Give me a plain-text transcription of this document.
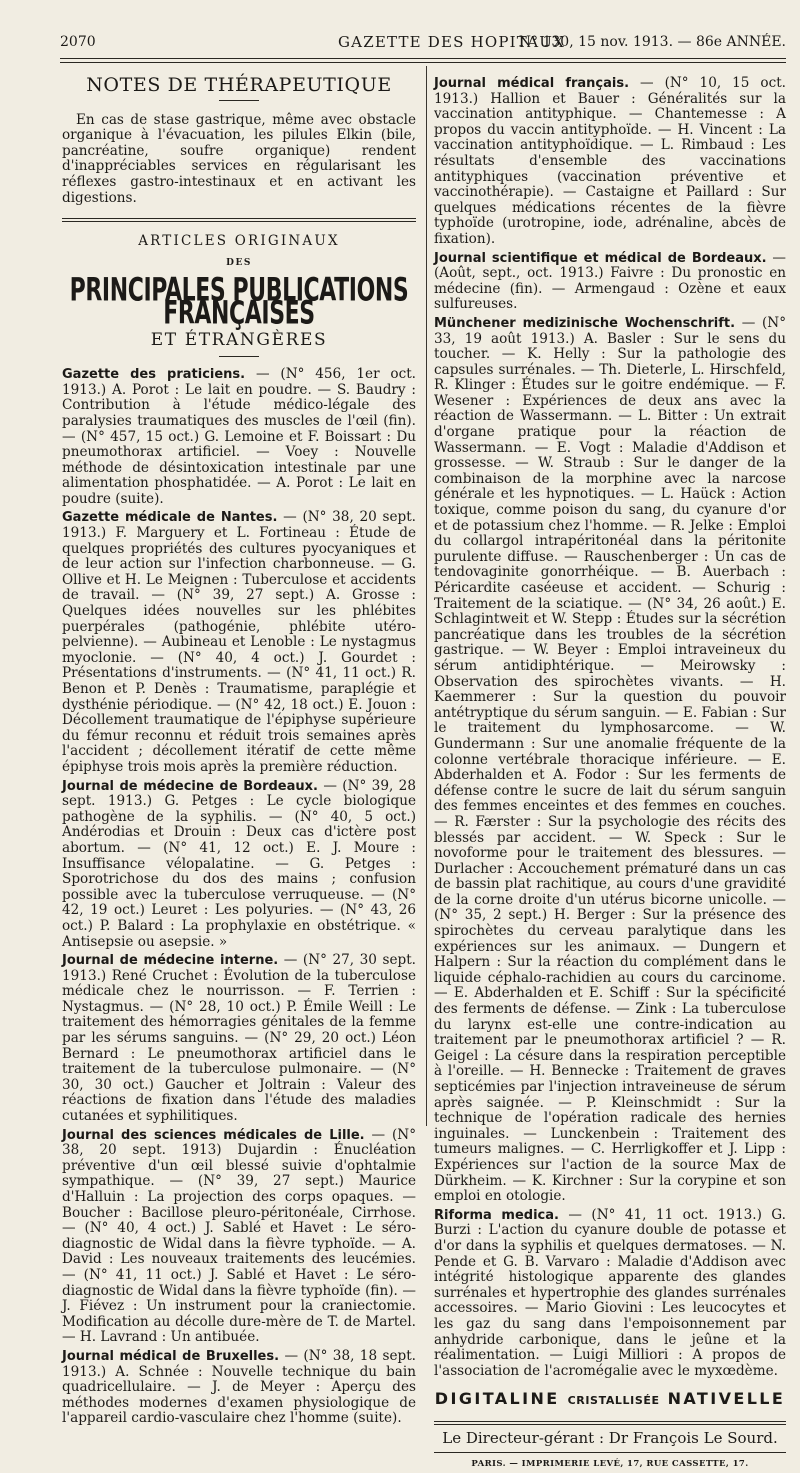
2070	GAZETTE DES HOPITAUX
N° 130, 15 nov. 1913. — 86e ANNÉE.
NOTES DE THÉRAPEUTIQUE

En cas de stase gastrique, même avec obstacle organique à l'évacuation, les pilules Elkin (bile, pancréatine, soufre organique) rendent d'inappréciables services en régularisant les réflexes gastro-intestinaux et en activant les digestions.

ARTICLES ORIGINAUX
DES
PRINCIPALES PUBLICATIONS FRANÇAISES
ET ÉTRANGÈRES

Gazette des praticiens. — (N° 456, 1er oct. 1913.) A. Porot : Le lait en poudre. — S. Baudry : Contribution à l'étude médico-légale des paralysies traumatiques des muscles de l'œil (fin). — (N° 457, 15 oct.) G. Lemoine et F. Boissart : Du pneumothorax artificiel. — Voey : Nouvelle méthode de désintoxication intestinale par une alimentation phosphatidée. — A. Porot : Le lait en poudre (suite).

Gazette médicale de Nantes. — (N° 38, 20 sept. 1913.) F. Marguery et L. Fortineau : Étude de quelques propriétés des cultures pyocyaniques et de leur action sur l'infection charbonneuse. — G. Ollive et H. Le Meignen : Tuberculose et accidents de travail. — (N° 39, 27 sept.) A. Grosse : Quelques idées nouvelles sur les phlébites puerpérales (pathogénie, phlébite utéro-pelvienne). — Aubineau et Lenoble : Le nystagmus myoclonie. — (N° 40, 4 oct.) J. Gourdet : Présentations d'instruments. — (N° 41, 11 oct.) R. Benon et P. Denès : Traumatisme, paraplégie et dysthénie périodique. — (N° 42, 18 oct.) E. Jouon : Décollement traumatique de l'épiphyse supérieure du fémur reconnu et réduit trois semaines après l'accident ; décollement itératif de cette même épiphyse trois mois après la première réduction.

Journal de médecine de Bordeaux. — (N° 39, 28 sept. 1913.) G. Petges : Le cycle biologique pathogène de la syphilis. — (N° 40, 5 oct.) Andérodias et Drouin : Deux cas d'ictère post abortum. — (N° 41, 12 oct.) E. J. Moure : Insuffisance vélopalatine. — G. Petges : Sporotrichose du dos des mains ; confusion possible avec la tuberculose verruqueuse. — (N° 42, 19 oct.) Leuret : Les polyuries. — (N° 43, 26 oct.) P. Balard : La prophylaxie en obstétrique. « Antisepsie ou asepsie. »

Journal de médecine interne. — (N° 27, 30 sept. 1913.) René Cruchet : Évolution de la tuberculose médicale chez le nourrisson. — F. Terrien : Nystagmus. — (N° 28, 10 oct.) P. Émile Weill : Le traitement des hémorragies génitales de la femme par les sérums sanguins. — (N° 29, 20 oct.) Léon Bernard : Le pneumothorax artificiel dans le traitement de la tuberculose pulmonaire. — (N° 30, 30 oct.) Gaucher et Joltrain : Valeur des réactions de fixation dans l'étude des maladies cutanées et syphilitiques.

Journal des sciences médicales de Lille. — (N° 38, 20 sept. 1913) Dujardin : Énucléation préventive d'un œil blessé suivie d'ophtalmie sympathique. — (N° 39, 27 sept.) Maurice d'Halluin : La projection des corps opaques. — Boucher : Bacillose pleuro-péritonéale, Cirrhose. — (N° 40, 4 oct.) J. Sablé et Havet : Le séro-diagnostic de Widal dans la fièvre typhoïde. — A. David : Les nouveaux traitements des leucémies. — (N° 41, 11 oct.) J. Sablé et Havet : Le séro-diagnostic de Widal dans la fièvre typhoïde (fin). — J. Fiévez : Un instrument pour la craniectomie. Modification au décolle dure-mère de T. de Martel. — H. Lavrand : Un antibuée.

Journal médical de Bruxelles. — (N° 38, 18 sept. 1913.) A. Schnée : Nouvelle technique du bain quadricellulaire. — J. de Meyer : Aperçu des méthodes modernes d'examen physiologique de l'appareil cardio-vasculaire chez l'homme (suite).

Journal médical français. — (N° 10, 15 oct. 1913.) Hallion et Bauer : Généralités sur la vaccination antityphique. — Chantemesse : A propos du vaccin antityphoïde. — H. Vincent : La vaccination antityphoïdique. — L. Rimbaud : Les résultats d'ensemble des vaccinations antityphiques (vaccination préventive et vaccinothérapie). — Castaigne et Paillard : Sur quelques médications récentes de la fièvre typhoïde (urotropine, iode, adrénaline, abcès de fixation).

Journal scientifique et médical de Bordeaux. — (Août, sept., oct. 1913.) Faivre : Du pronostic en médecine (fin). — Armengaud : Ozène et eaux sulfureuses.

Münchener medizinische Wochenschrift. — (N° 33, 19 août 1913.) A. Basler : Sur le sens du toucher. — K. Helly : Sur la pathologie des capsules surrénales. — Th. Dieterle, L. Hirschfeld, R. Klinger : Études sur le goitre endémique. — F. Wesener : Expériences de deux ans avec la réaction de Wassermann. — L. Bitter : Un extrait d'organe pratique pour la réaction de Wassermann. — E. Vogt : Maladie d'Addison et grossesse. — W. Straub : Sur le danger de la combinaison de la morphine avec la narcose générale et les hypnotiques. — L. Haück : Action toxique, comme poison du sang, du cyanure d'or et de potassium chez l'homme. — R. Jelke : Emploi du collargol intrapéritonéal dans la péritonite purulente diffuse. — Rauschenberger : Un cas de tendovaginite gonorrhéique. — B. Auerbach : Péricardite caséeuse et accident. — Schurig : Traitement de la sciatique. — (N° 34, 26 août.) E. Schlagintweit et W. Stepp : Études sur la sécrétion pancréatique dans les troubles de la sécrétion gastrique. — W. Beyer : Emploi intraveineux du sérum antidiphtérique. — Meirowsky : Observation des spirochètes vivants. — H. Kaemmerer : Sur la question du pouvoir antétryptique du sérum sanguin. — E. Fabian : Sur le traitement du lymphosarcome. — W. Gundermann : Sur une anomalie fréquente de la colonne vertébrale thoracique inférieure. — E. Abderhalden et A. Fodor : Sur les ferments de défense contre le sucre de lait du sérum sanguin des femmes enceintes et des femmes en couches. — R. Færster : Sur la psychologie des récits des blessés par accident. — W. Speck : Sur le novoforme pour le traitement des blessures. — Durlacher : Accouchement prématuré dans un cas de bassin plat rachitique, au cours d'une gravidité de la corne droite d'un utérus bicorne unicolle. — (N° 35, 2 sept.) H. Berger : Sur la présence des spirochètes du cerveau paralytique dans les expériences sur les animaux. — Dungern et Halpern : Sur la réaction du complément dans le liquide céphalo-rachidien au cours du carcinome. — E. Abderhalden et E. Schiff : Sur la spécificité des ferments de défense. — Zink : La tuberculose du larynx est-elle une contre-indication au traitement par le pneumothorax artificiel ? — R. Geigel : La césure dans la respiration perceptible à l'oreille. — H. Bennecke : Traitement de graves septicémies par l'injection intraveineuse de sérum après saignée. — P. Kleinschmidt : Sur la technique de l'opération radicale des hernies inguinales. — Lunckenbein : Traitement des tumeurs malignes. — C. Herrligkoffer et J. Lipp : Expériences sur l'action de la source Max de Dürkheim. — K. Kirchner : Sur la corypine et son emploi en otologie.

Riforma medica. — (N° 41, 11 oct. 1913.) G. Burzi : L'action du cyanure double de potasse et d'or dans la syphilis et quelques dermatoses. — N. Pende et G. B. Varvaro : Maladie d'Addison avec intégrité histologique apparente des glandes surrénales et hypertrophie des glandes surrénales accessoires. — Mario Giovini : Les leucocytes et les gaz du sang dans l'empoisonnement par anhydride carbonique, dans le jeûne et la réalimentation. — Luigi Milliori : A propos de l'association de l'acromégalie avec le myxœdème.

DIGITALINE CRISTALLISÉE NATIVELLE
Le Directeur-gérant : Dr François Le Sourd.
PARIS. — IMPRIMERIE LEVÉ, 17, RUE CASSETTE, 17.
